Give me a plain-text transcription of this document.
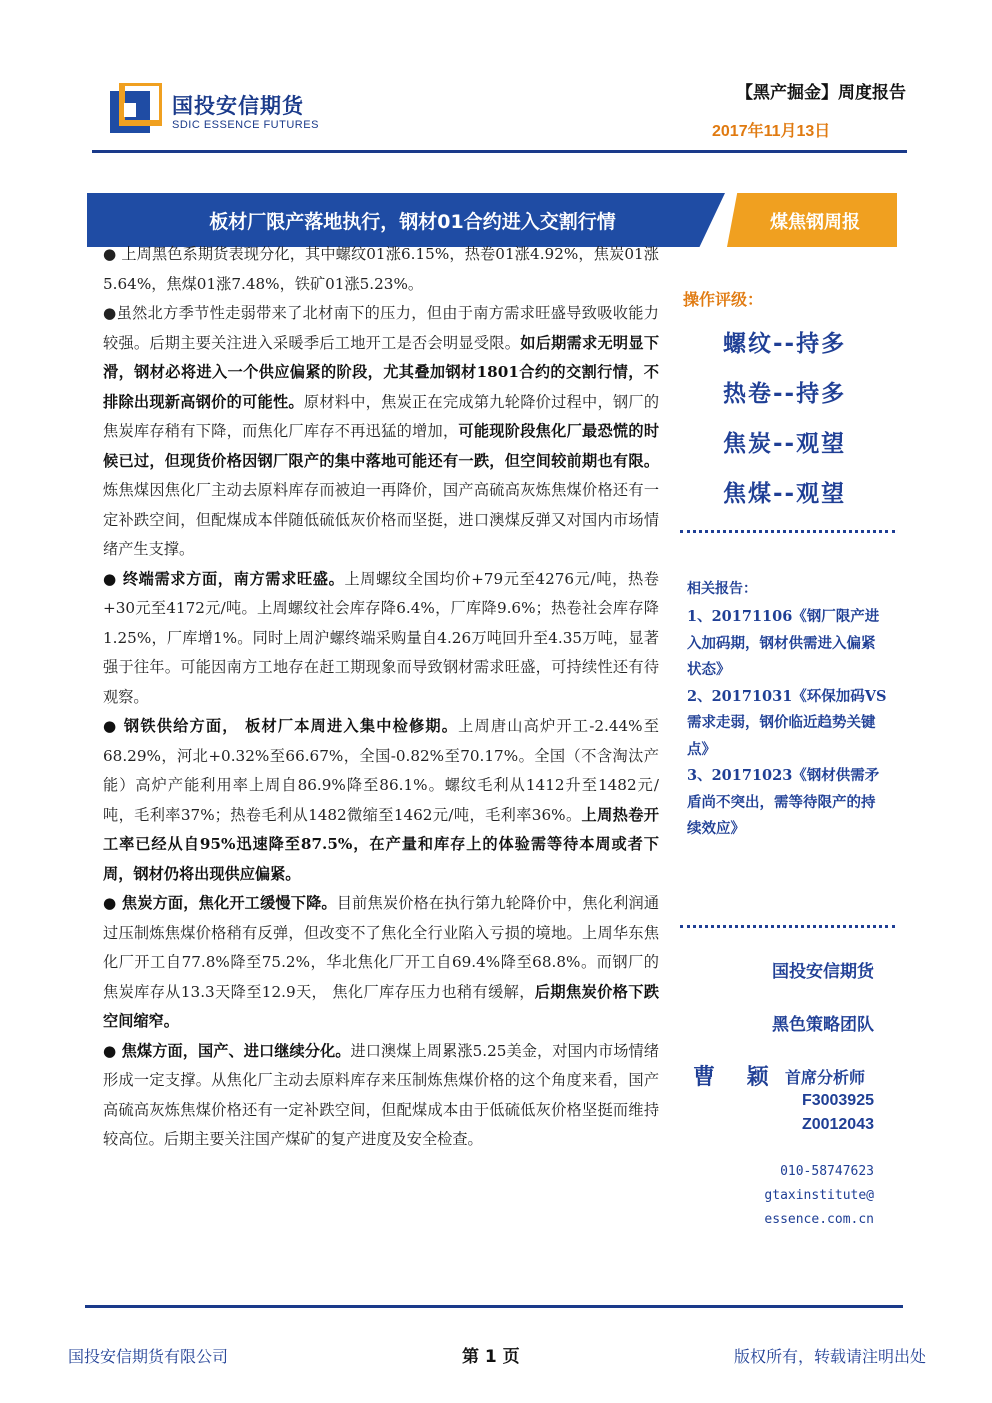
国投安信期货
SDIC ESSENCE FUTURES
【黑产掘金】周度报告
2017年11月13日
板材厂限产落地执行，钢材01合约进入交割行情	煤焦钢周报

● 上周黑色系期货表现分化，其中螺纹01涨6.15%，热卷01涨4.92%，焦炭01涨5.64%，焦煤01涨7.48%，铁矿01涨5.23%。

●虽然北方季节性走弱带来了北材南下的压力，但由于南方需求旺盛导致吸收能力较强。后期主要关注进入采暖季后工地开工是否会明显受限。如后期需求无明显下滑，钢材必将进入一个供应偏紧的阶段，尤其叠加钢材1801合约的交割行情，不排除出现新高钢价的可能性。原材料中，焦炭正在完成第九轮降价过程中，钢厂的焦炭库存稍有下降，而焦化厂库存不再迅猛的增加，可能现阶段焦化厂最恐慌的时候已过，但现货价格因钢厂限产的集中落地可能还有一跌，但空间较前期也有限。炼焦煤因焦化厂主动去原料库存而被迫一再降价，国产高硫高灰炼焦煤价格还有一定补跌空间，但配煤成本伴随低硫低灰价格而坚挺，进口澳煤反弹又对国内市场情绪产生支撑。

● 终端需求方面，南方需求旺盛。上周螺纹全国均价+79元至4276元/吨，热卷+30元至4172元/吨。上周螺纹社会库存降6.4%，厂库降9.6%；热卷社会库存降1.25%，厂库增1%。同时上周沪螺终端采购量自4.26万吨回升至4.35万吨，显著强于往年。可能因南方工地存在赶工期现象而导致钢材需求旺盛，可持续性还有待观察。

● 钢铁供给方面， 板材厂本周进入集中检修期。上周唐山高炉开工-2.44%至68.29%，河北+0.32%至66.67%，全国-0.82%至70.17%。全国（不含淘汰产能）高炉产能利用率上周自86.9%降至86.1%。螺纹毛利从1412升至1482元/吨，毛利率37%；热卷毛利从1482微缩至1462元/吨，毛利率36%。上周热卷开工率已经从自95%迅速降至87.5%，在产量和库存上的体验需等待本周或者下周，钢材仍将出现供应偏紧。

● 焦炭方面，焦化开工缓慢下降。目前焦炭价格在执行第九轮降价中，焦化利润通过压制炼焦煤价格稍有反弹，但改变不了焦化全行业陷入亏损的境地。上周华东焦化厂开工自77.8%降至75.2%，华北焦化厂开工自69.4%降至68.8%。而钢厂的焦炭库存从13.3天降至12.9天， 焦化厂库存压力也稍有缓解，后期焦炭价格下跌空间缩窄。

● 焦煤方面，国产、进口继续分化。进口澳煤上周累涨5.25美金，对国内市场情绪形成一定支撑。从焦化厂主动去原料库存来压制炼焦煤价格的这个角度来看，国产高硫高灰炼焦煤价格还有一定补跌空间，但配煤成本由于低硫低灰价格坚挺而维持较高位。后期主要关注国产煤矿的复产进度及安全检查。

操作评级：
螺纹--持多
热卷--持多
焦炭--观望
焦煤--观望
相关报告：
1、20171106《钢厂限产进入加码期，钢材供需进入偏紧状态》
2、20171031《环保加码VS需求走弱，钢价临近趋势关键点》
3、20171023《钢材供需矛盾尚不突出，需等待限产的持续效应》
国投安信期货
黑色策略团队
曹 颖 首席分析师
F3003925
Z0012043
010-58747623
gtaxinstitute@
essence.com.cn
国投安信期货有限公司	第 1 页	版权所有，转载请注明出处
